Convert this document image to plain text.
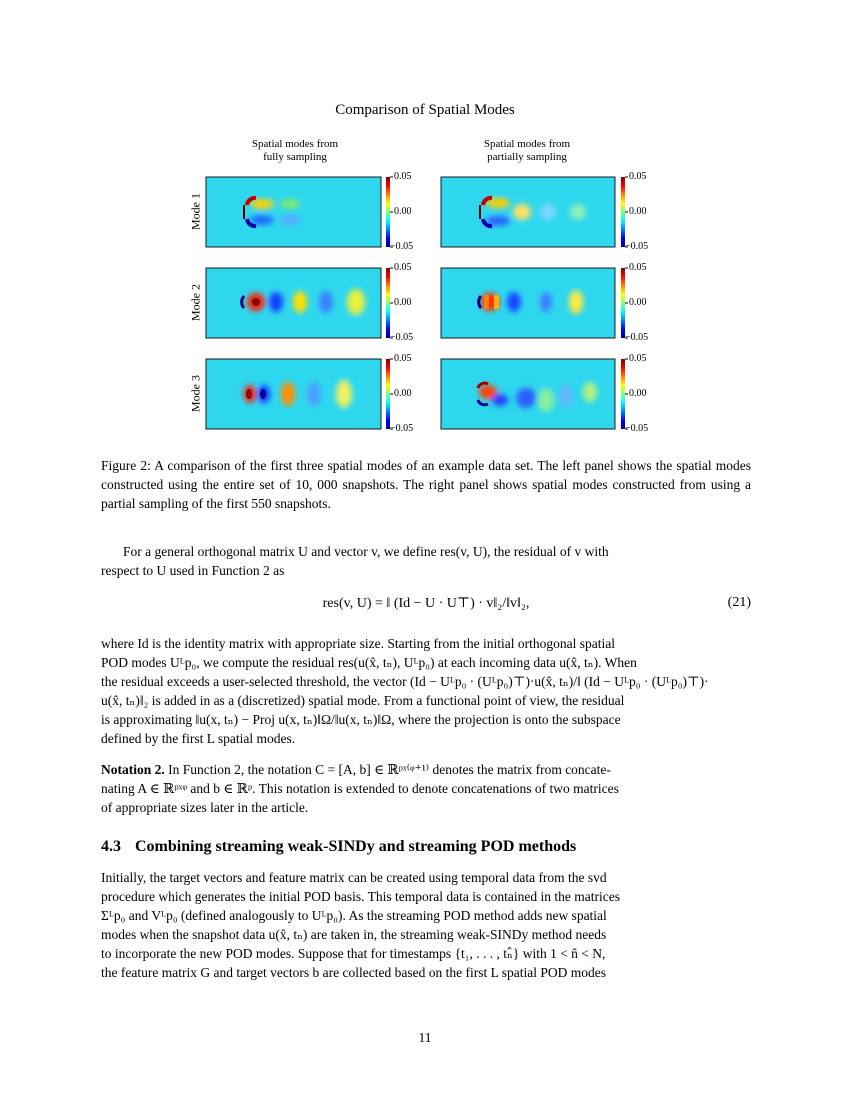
Comparison of Spatial Modes
Spatial modes from
fully sampling
Spatial modes from
partially sampling
Mode 1
Mode 2
Mode 3
0.05
0.00
−0.05
0.05
0.00
−0.05
0.05
0.00
−0.05
0.05
0.00
−0.05
0.05
0.00
−0.05
0.05
0.00
−0.05
Figure 2: A comparison of the first three spatial modes of an example data set. The left panel shows the spatial modes constructed using the entire set of 10, 000 snapshots. The right panel shows spatial modes constructed from using a partial sampling of the first 550 snapshots.
For a general orthogonal matrix U and vector v, we define res(v, U), the residual of v with
respect to U used in Function 2 as
res(v, U) = ‖ (Id − U · U⊤) · v‖₂/‖v‖₂,	(21)
where Id is the identity matrix with appropriate size. Starting from the initial orthogonal spatial
POD modes Uᴸp₀, we compute the residual res(u(x̂, tₙ), Uᴸp₀) at each incoming data u(x̂, tₙ). When
the residual exceeds a user-selected threshold, the vector (Id − Uᴸp₀ · (Uᴸp₀)⊤)·u(x̂, tₙ)/‖ (Id − Uᴸp₀ · (Uᴸp₀)⊤)·
u(x̂, tₙ)‖₂ is added in as a (discretized) spatial mode. From a functional point of view, the residual
is approximating ‖u(x, tₙ) − Proj u(x, tₙ)‖Ω/‖u(x, tₙ)‖Ω, where the projection is onto the subspace
defined by the first L spatial modes.
Notation 2. In Function 2, the notation C = [A, b] ∈ ℝᵖˣ⁽ᵠ⁺¹⁾ denotes the matrix from concate-
nating A ∈ ℝᵖˣᵠ and b ∈ ℝᵖ. This notation is extended to denote concatenations of two matrices
of appropriate sizes later in the article.
4.3 Combining streaming weak-SINDy and streaming POD methods
Initially, the target vectors and feature matrix can be created using temporal data from the svd
procedure which generates the initial POD basis. This temporal data is contained in the matrices
Σᴸp₀ and Vᴸp₀ (defined analogously to Uᴸp₀). As the streaming POD method adds new spatial
modes when the snapshot data u(x̂, tₙ) are taken in, the streaming weak-SINDy method needs
to incorporate the new POD modes. Suppose that for timestamps {t₁, . . . , tₙ̂} with 1 < n̂ < N,
the feature matrix G and target vectors b are collected based on the first L spatial POD modes
11
